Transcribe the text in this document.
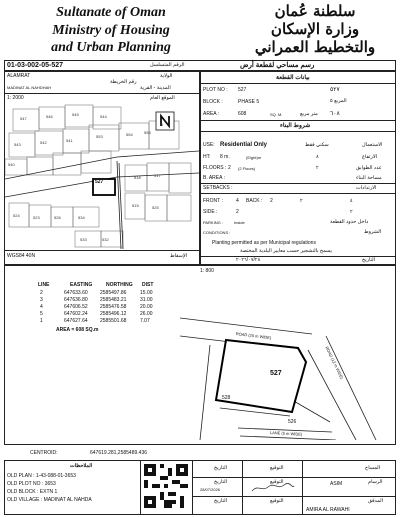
Sultanate of Oman
Ministry of Housing
and Urban Planning
سلطنة عُمان
وزارة الإسكان
والتخطيط العمراني
01-03-002-05-527	الرقم المتسلسل	رسم مساحي لقطعة أرض
ALAMRAT	الولاية
رقم الخريطة
MADINAT AL NAHDHAH	المدينة - القرية
1: 2000	الموقع العام
547	546	545	544
553	554	555
543	542	541
540
518	517
515	525
524	523	526
527
534
533	532
N
WGS84 40N	الإسقاط
بيانات القطعة
PLOT NO : 527	٥٢٧
BLOCK :	PHASE 5	المربع ٥
AREA :	608	SQ. M.	متر مربع ٦٠٨
شروط البناء
USE: Residential Only	سكني فقط	الاستعمال
HT: 8 m.	(Eight)m	٨	الارتفاع
FLOORS : 2 (2 Floors)	٢	عدد الطوابق
B. AREA :	مساحة البناء
SETBACKS :	الارتدادات
FRONT :	4 BACK : 2	٢	٤
SIDE :	2	٢
PARKING :	Inside	داخل حدود القطعة
CONDITIONS :	الشروط
Planting permitted as per Municipal regulations
يسمح بالتشجير حسب معايير البلدية المختصة
٢٠٢٦/٠٧/٢٨	التاريخ
1: 800
LINE	EASTING	NORTHING DIST
2	647633.60 2585497.86	15.00
3	647636.80 2585483.21	31.00
4	647606.52 2585476.58	20.00
5	647602.24 2585496.12	26.00
1	647627.64 2585501.68	7.07
AREA = 608 SQ.m
ROAD (20 m WIDE)
ROAD (12 m WIDE)
LANE (5 m WIDE)
527
528
526
CENTROID:	647619.281,2585489.436
الملاحظات
OLD PLAN : 1-43-088-01-3653
OLD PLOT NO : 3653
OLD BLOCK : EXTN 1
OLD VILLAGE : MADINAT AL NAHDA
التاريخ	التوقيع	المساح
التاريخ	التوقيع	ASIM	الرسام
28/07/2026
التاريخ	التوقيع	المدقق
AMIRA AL RAWAHI
